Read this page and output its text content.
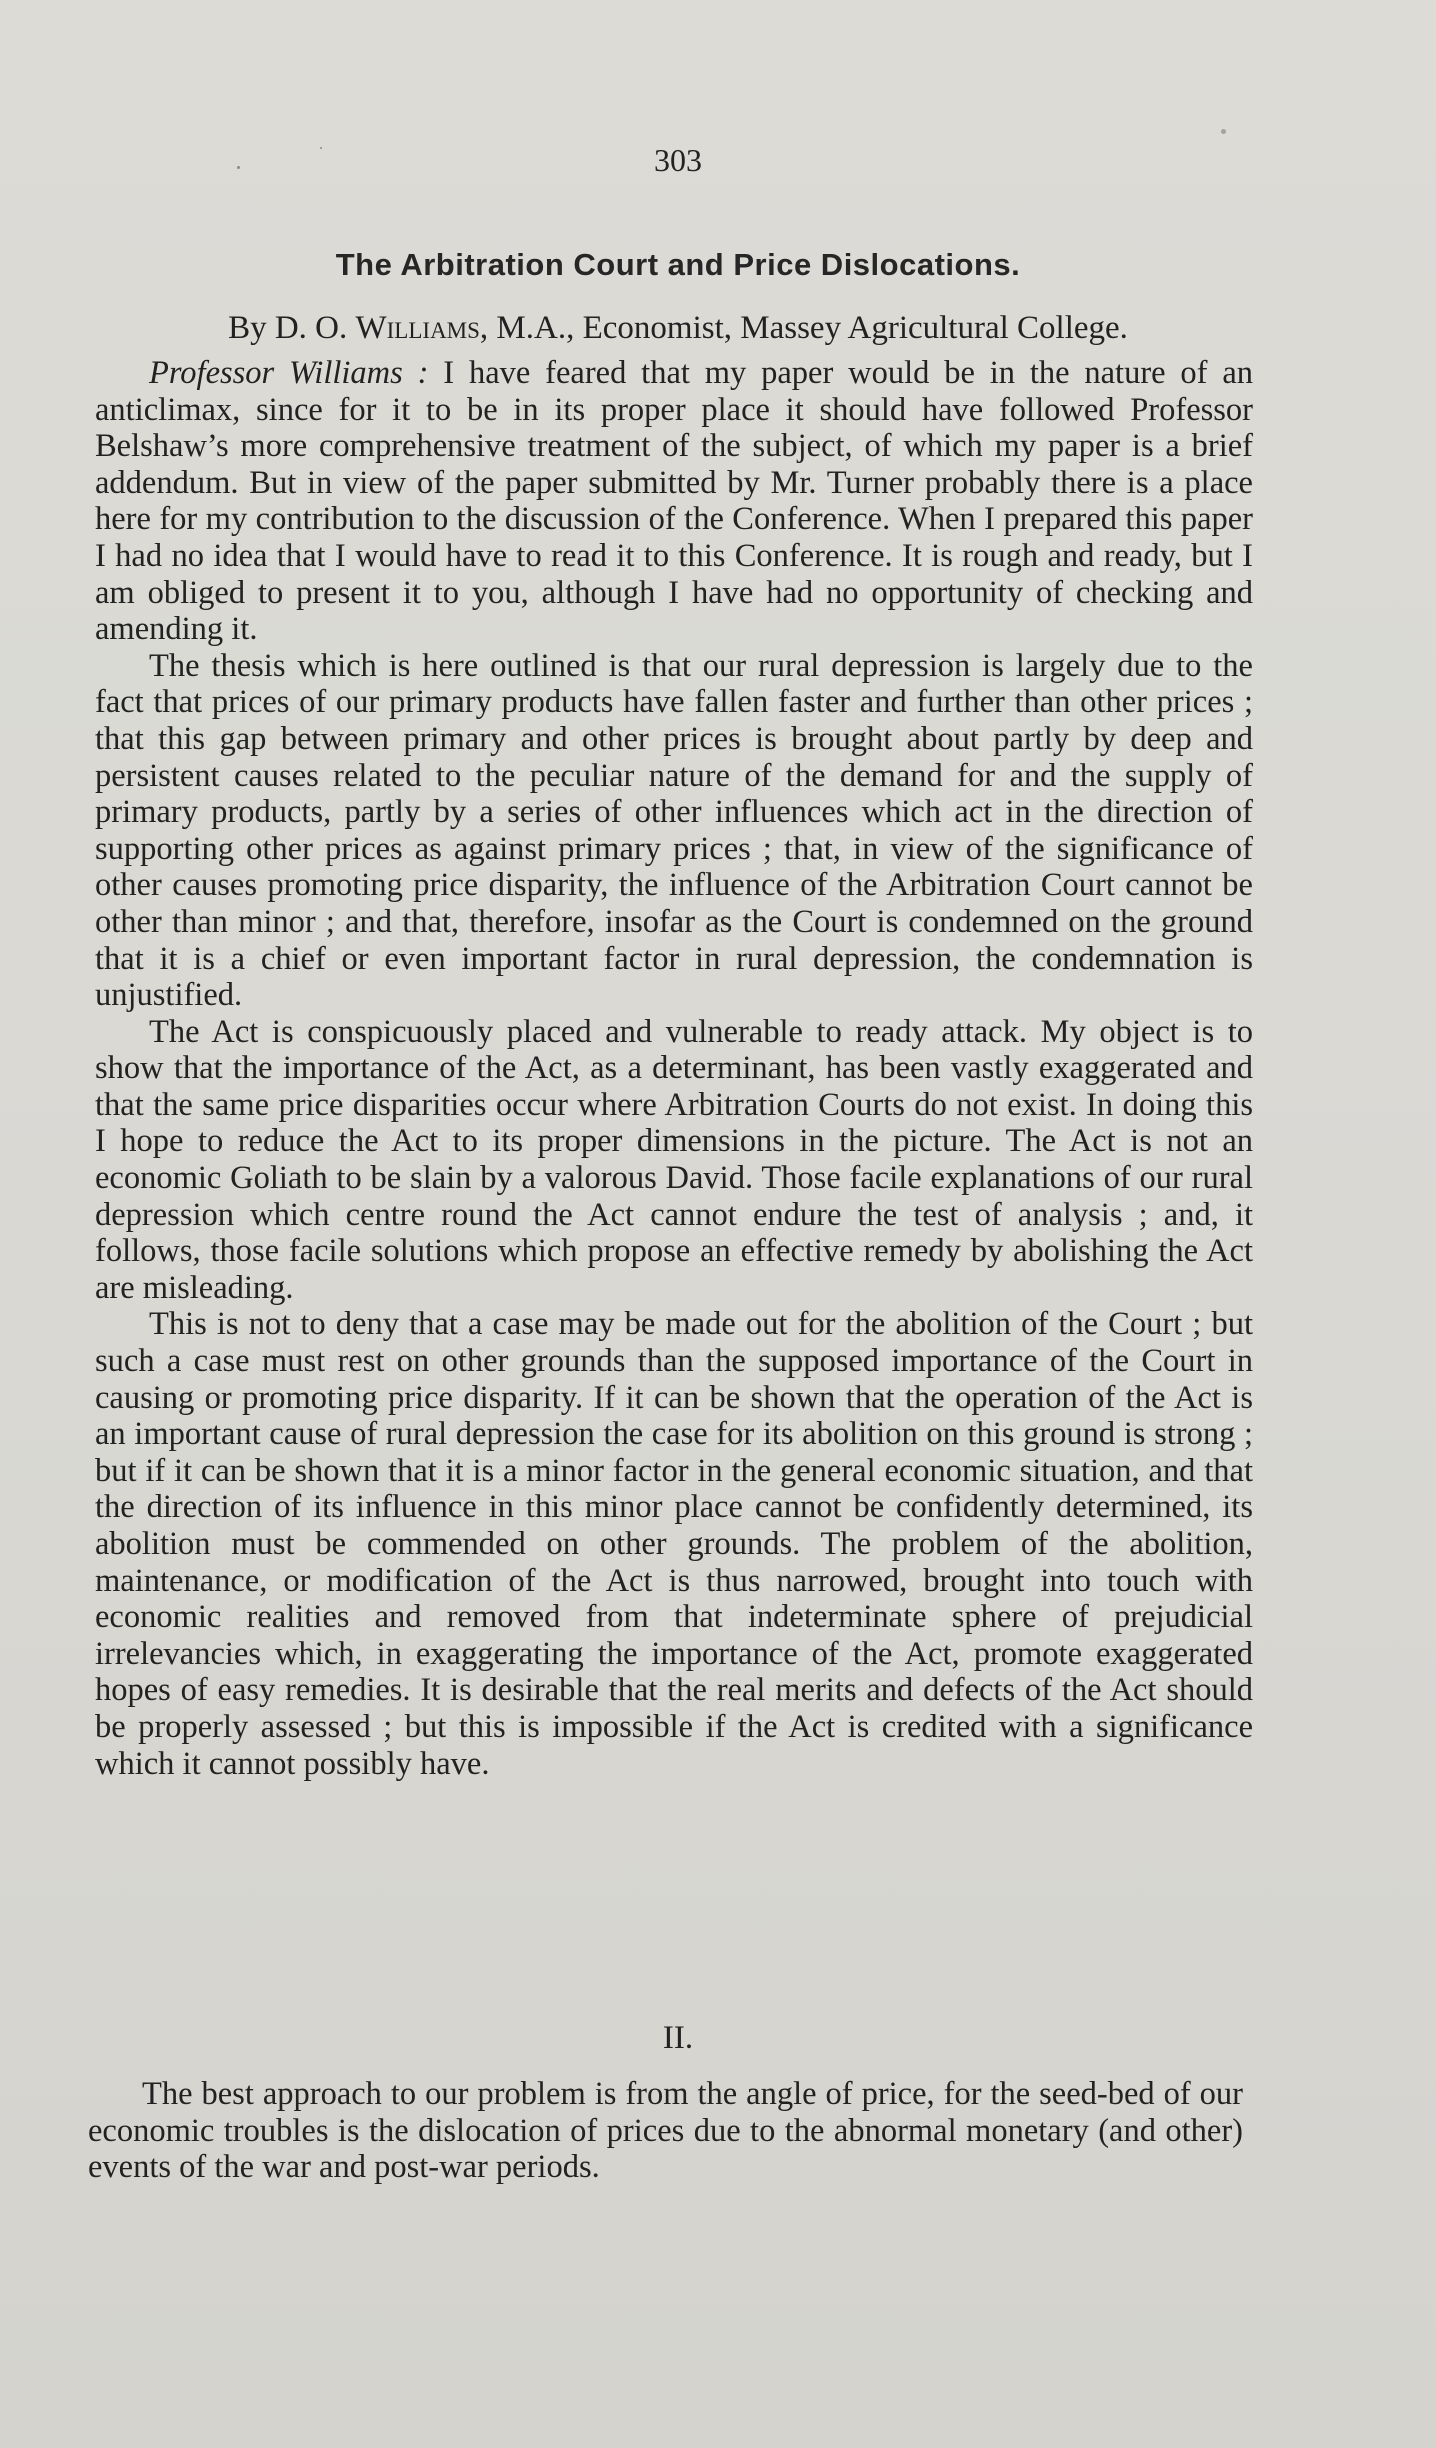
303
The Arbitration Court and Price Dislocations.
By D. O. Williams, M.A., Economist, Massey Agricultural College.

Professor Williams : I have feared that my paper would be in the nature of an anticlimax, since for it to be in its proper place it should have followed Professor Belshaw’s more comprehensive treatment of the subject, of which my paper is a brief addendum. But in view of the paper submitted by Mr. Turner probably there is a place here for my contribution to the discussion of the Conference. When I prepared this paper I had no idea that I would have to read it to this Conference. It is rough and ready, but I am obliged to present it to you, although I have had no opportunity of checking and amending it.

The thesis which is here outlined is that our rural depression is largely due to the fact that prices of our primary products have fallen faster and further than other prices ; that this gap between primary and other prices is brought about partly by deep and persistent causes related to the peculiar nature of the demand for and the supply of primary products, partly by a series of other influences which act in the direction of supporting other prices as against primary prices ; that, in view of the significance of other causes promoting price disparity, the influence of the Arbitration Court cannot be other than minor ; and that, therefore, insofar as the Court is condemned on the ground that it is a chief or even important factor in rural depression, the condemnation is unjustified.

The Act is conspicuously placed and vulnerable to ready attack. My object is to show that the importance of the Act, as a determinant, has been vastly exaggerated and that the same price disparities occur where Arbitration Courts do not exist. In doing this I hope to reduce the Act to its proper dimensions in the picture. The Act is not an economic Goliath to be slain by a valorous David. Those facile explanations of our rural depression which centre round the Act cannot endure the test of analysis ; and, it follows, those facile solutions which propose an effective remedy by abolishing the Act are misleading.

This is not to deny that a case may be made out for the abolition of the Court ; but such a case must rest on other grounds than the supposed importance of the Court in causing or promoting price disparity. If it can be shown that the operation of the Act is an important cause of rural depression the case for its abolition on this ground is strong ; but if it can be shown that it is a minor factor in the general economic situation, and that the direction of its influence in this minor place cannot be confidently determined, its abolition must be commended on other grounds. The problem of the abolition, maintenance, or modification of the Act is thus narrowed, brought into touch with economic realities and removed from that indeterminate sphere of prejudicial irrelevancies which, in exaggerating the importance of the Act, promote exaggerated hopes of easy remedies. It is desirable that the real merits and defects of the Act should be properly assessed ; but this is impossible if the Act is credited with a significance which it cannot possibly have.

II.

The best approach to our problem is from the angle of price, for the seed-bed of our economic troubles is the dislocation of prices due to the abnormal monetary (and other) events of the war and post-war periods.
